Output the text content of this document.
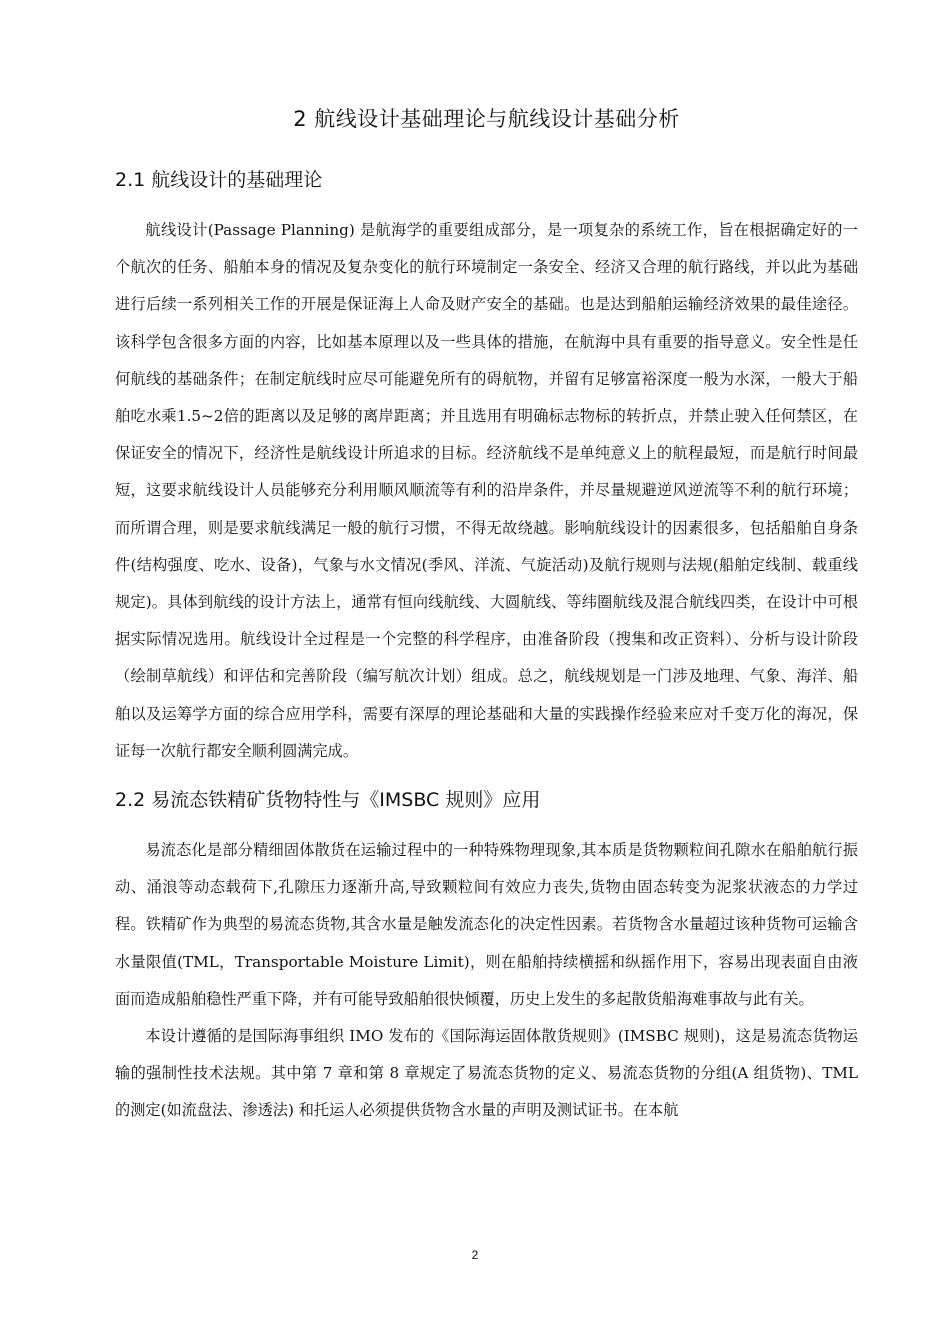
2 航线设计基础理论与航线设计基础分析
2.1 航线设计的基础理论

航线设计(Passage Planning) 是航海学的重要组成部分，是一项复杂的系统工作，旨在根据确定好的一个航次的任务、船舶本身的情况及复杂变化的航行环境制定一条安全、经济又合理的航行路线，并以此为基础进行后续一系列相关工作的开展是保证海上人命及财产安全的基础。也是达到船舶运输经济效果的最佳途径。该科学包含很多方面的内容，比如基本原理以及一些具体的措施，在航海中具有重要的指导意义。安全性是任何航线的基础条件；在制定航线时应尽可能避免所有的碍航物，并留有足够富裕深度一般为水深，一般大于船舶吃水乘1.5~2倍的距离以及足够的离岸距离；并且选用有明确标志物标的转折点，并禁止驶入任何禁区，在保证安全的情况下，经济性是航线设计所追求的目标。经济航线不是单纯意义上的航程最短，而是航行时间最短，这要求航线设计人员能够充分利用顺风顺流等有利的沿岸条件，并尽量规避逆风逆流等不利的航行环境；而所谓合理，则是要求航线满足一般的航行习惯，不得无故绕越。影响航线设计的因素很多，包括船舶自身条件(结构强度、吃水、设备)，气象与水文情况(季风、洋流、气旋活动)及航行规则与法规(船舶定线制、载重线规定)。具体到航线的设计方法上，通常有恒向线航线、大圆航线、等纬圈航线及混合航线四类，在设计中可根据实际情况选用。航线设计全过程是一个完整的科学程序，由准备阶段（搜集和改正资料）、分析与设计阶段（绘制草航线）和评估和完善阶段（编写航次计划）组成。总之，航线规划是一门涉及地理、气象、海洋、船舶以及运筹学方面的综合应用学科，需要有深厚的理论基础和大量的实践操作经验来应对千变万化的海况，保证每一次航行都安全顺利圆满完成。

2.2 易流态铁精矿货物特性与《IMSBC 规则》应用

易流态化是部分精细固体散货在运输过程中的一种特殊物理现象,其本质是货物颗粒间孔隙水在船舶航行振动、涌浪等动态载荷下,孔隙压力逐渐升高,导致颗粒间有效应力丧失,货物由固态转变为泥浆状液态的力学过程。铁精矿作为典型的易流态货物,其含水量是触发流态化的决定性因素。若货物含水量超过该种货物可运输含水量限值(TML，Transportable Moisture Limit)，则在船舶持续横摇和纵摇作用下，容易出现表面自由液面而造成船舶稳性严重下降，并有可能导致船舶很快倾覆，历史上发生的多起散货船海难事故与此有关。

本设计遵循的是国际海事组织 IMO 发布的《国际海运固体散货规则》(IMSBC 规则)，这是易流态货物运输的强制性技术法规。其中第 7 章和第 8 章规定了易流态货物的定义、易流态货物的分组(A 组货物)、TML 的测定(如流盘法、渗透法) 和托运人必须提供货物含水量的声明及测试证书。在本航

2
